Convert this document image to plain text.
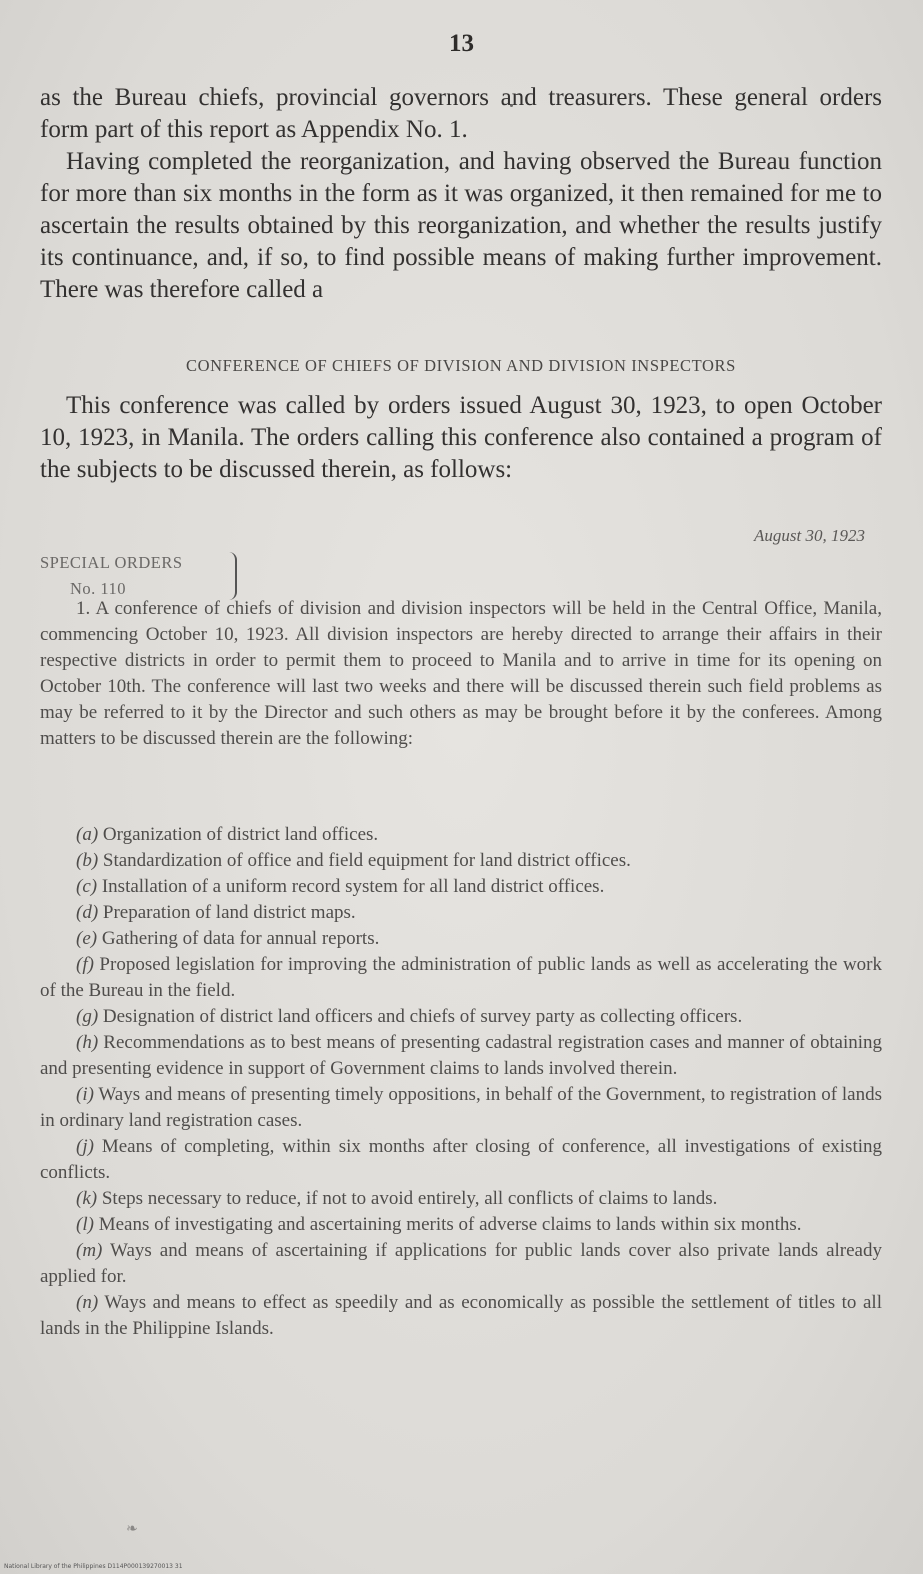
13
as the Bureau chiefs, provincial governors and treasurers. These general orders form part of this report as Appendix No. 1.
Having completed the reorganization, and having observed the Bureau function for more than six months in the form as it was organized, it then remained for me to ascertain the results obtained by this reorganization, and whether the results justify its continuance, and, if so, to find possible means of making further improvement. There was therefore called a
CONFERENCE OF CHIEFS OF DIVISION AND DIVISION INSPECTORS
This conference was called by orders issued August 30, 1923, to open October 10, 1923, in Manila. The orders calling this conference also contained a program of the subjects to be discussed therein, as follows:
August 30, 1923
SPECIAL ORDERS
No. 110
1. A conference of chiefs of division and division inspectors will be held in the Central Office, Manila, commencing October 10, 1923. All division inspectors are hereby directed to arrange their affairs in their respective districts in order to permit them to proceed to Manila and to arrive in time for its opening on October 10th. The conference will last two weeks and there will be discussed therein such field problems as may be referred to it by the Director and such others as may be brought before it by the conferees. Among matters to be discussed therein are the following:
(a) Organization of district land offices.
(b) Standardization of office and field equipment for land district offices.
(c) Installation of a uniform record system for all land district offices.
(d) Preparation of land district maps.
(e) Gathering of data for annual reports.
(f) Proposed legislation for improving the administration of public lands as well as accelerating the work of the Bureau in the field.
(g) Designation of district land officers and chiefs of survey party as collecting officers.
(h) Recommendations as to best means of presenting cadastral registration cases and manner of obtaining and presenting evidence in support of Government claims to lands involved therein.
(i) Ways and means of presenting timely oppositions, in behalf of the Government, to registration of lands in ordinary land registration cases.
(j) Means of completing, within six months after closing of conference, all investigations of existing conflicts.
(k) Steps necessary to reduce, if not to avoid entirely, all conflicts of claims to lands.
(l) Means of investigating and ascertaining merits of adverse claims to lands within six months.
(m) Ways and means of ascertaining if applications for public lands cover also private lands already applied for.
(n) Ways and means to effect as speedily and as economically as possible the settlement of titles to all lands in the Philippine Islands.
❧
National Library of the Philippines D114P000139270013 31
